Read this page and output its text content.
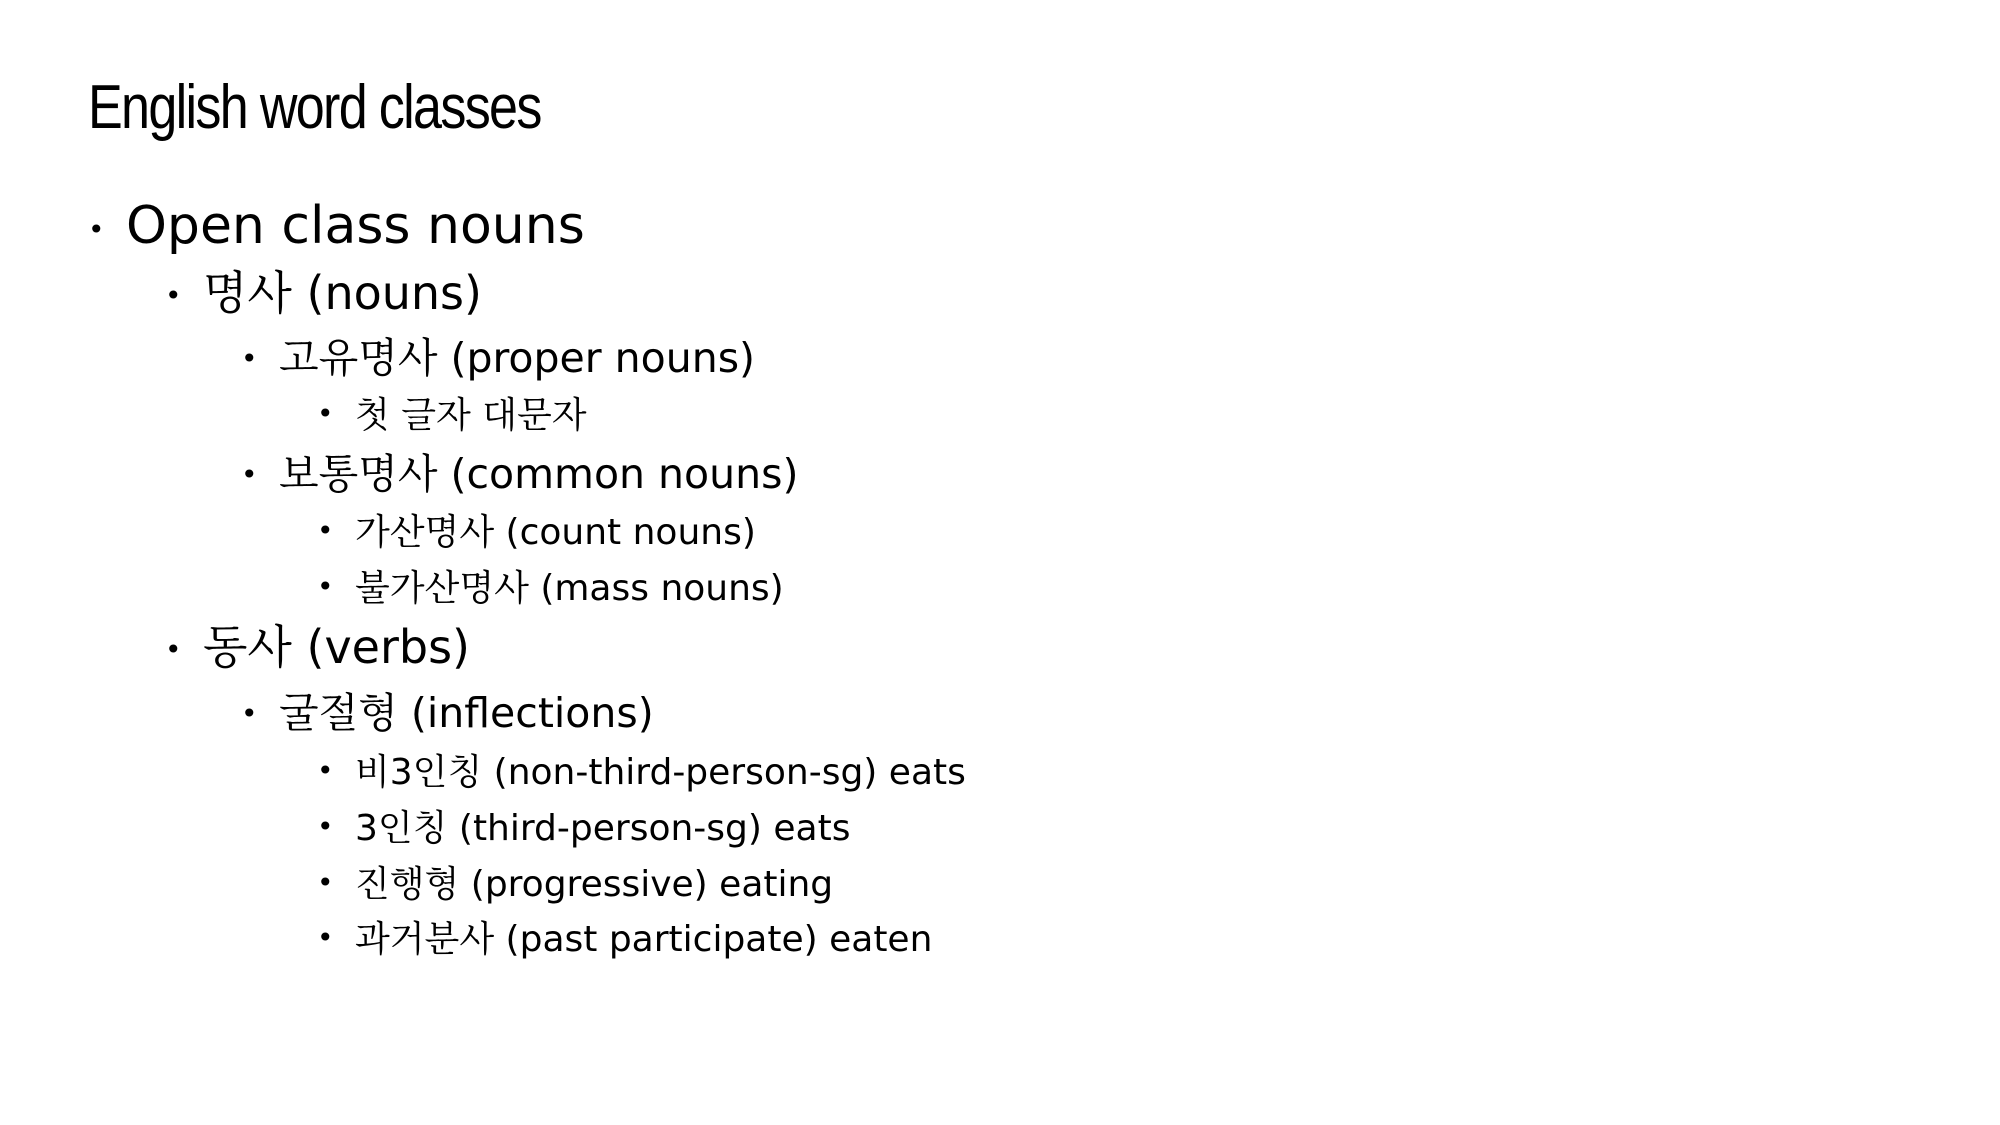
English word classes
•
Open class nouns
•
명사 (nouns)
•
고유명사 (proper nouns)
•
첫 글자 대문자
•
보통명사 (common nouns)
•
가산명사 (count nouns)
•
불가산명사 (mass nouns)
•
동사 (verbs)
•
굴절형 (inflections)
•
비3인칭 (non-third-person-sg) eats
•
3인칭 (third-person-sg) eats
•
진행형 (progressive) eating
•
과거분사 (past participate) eaten
